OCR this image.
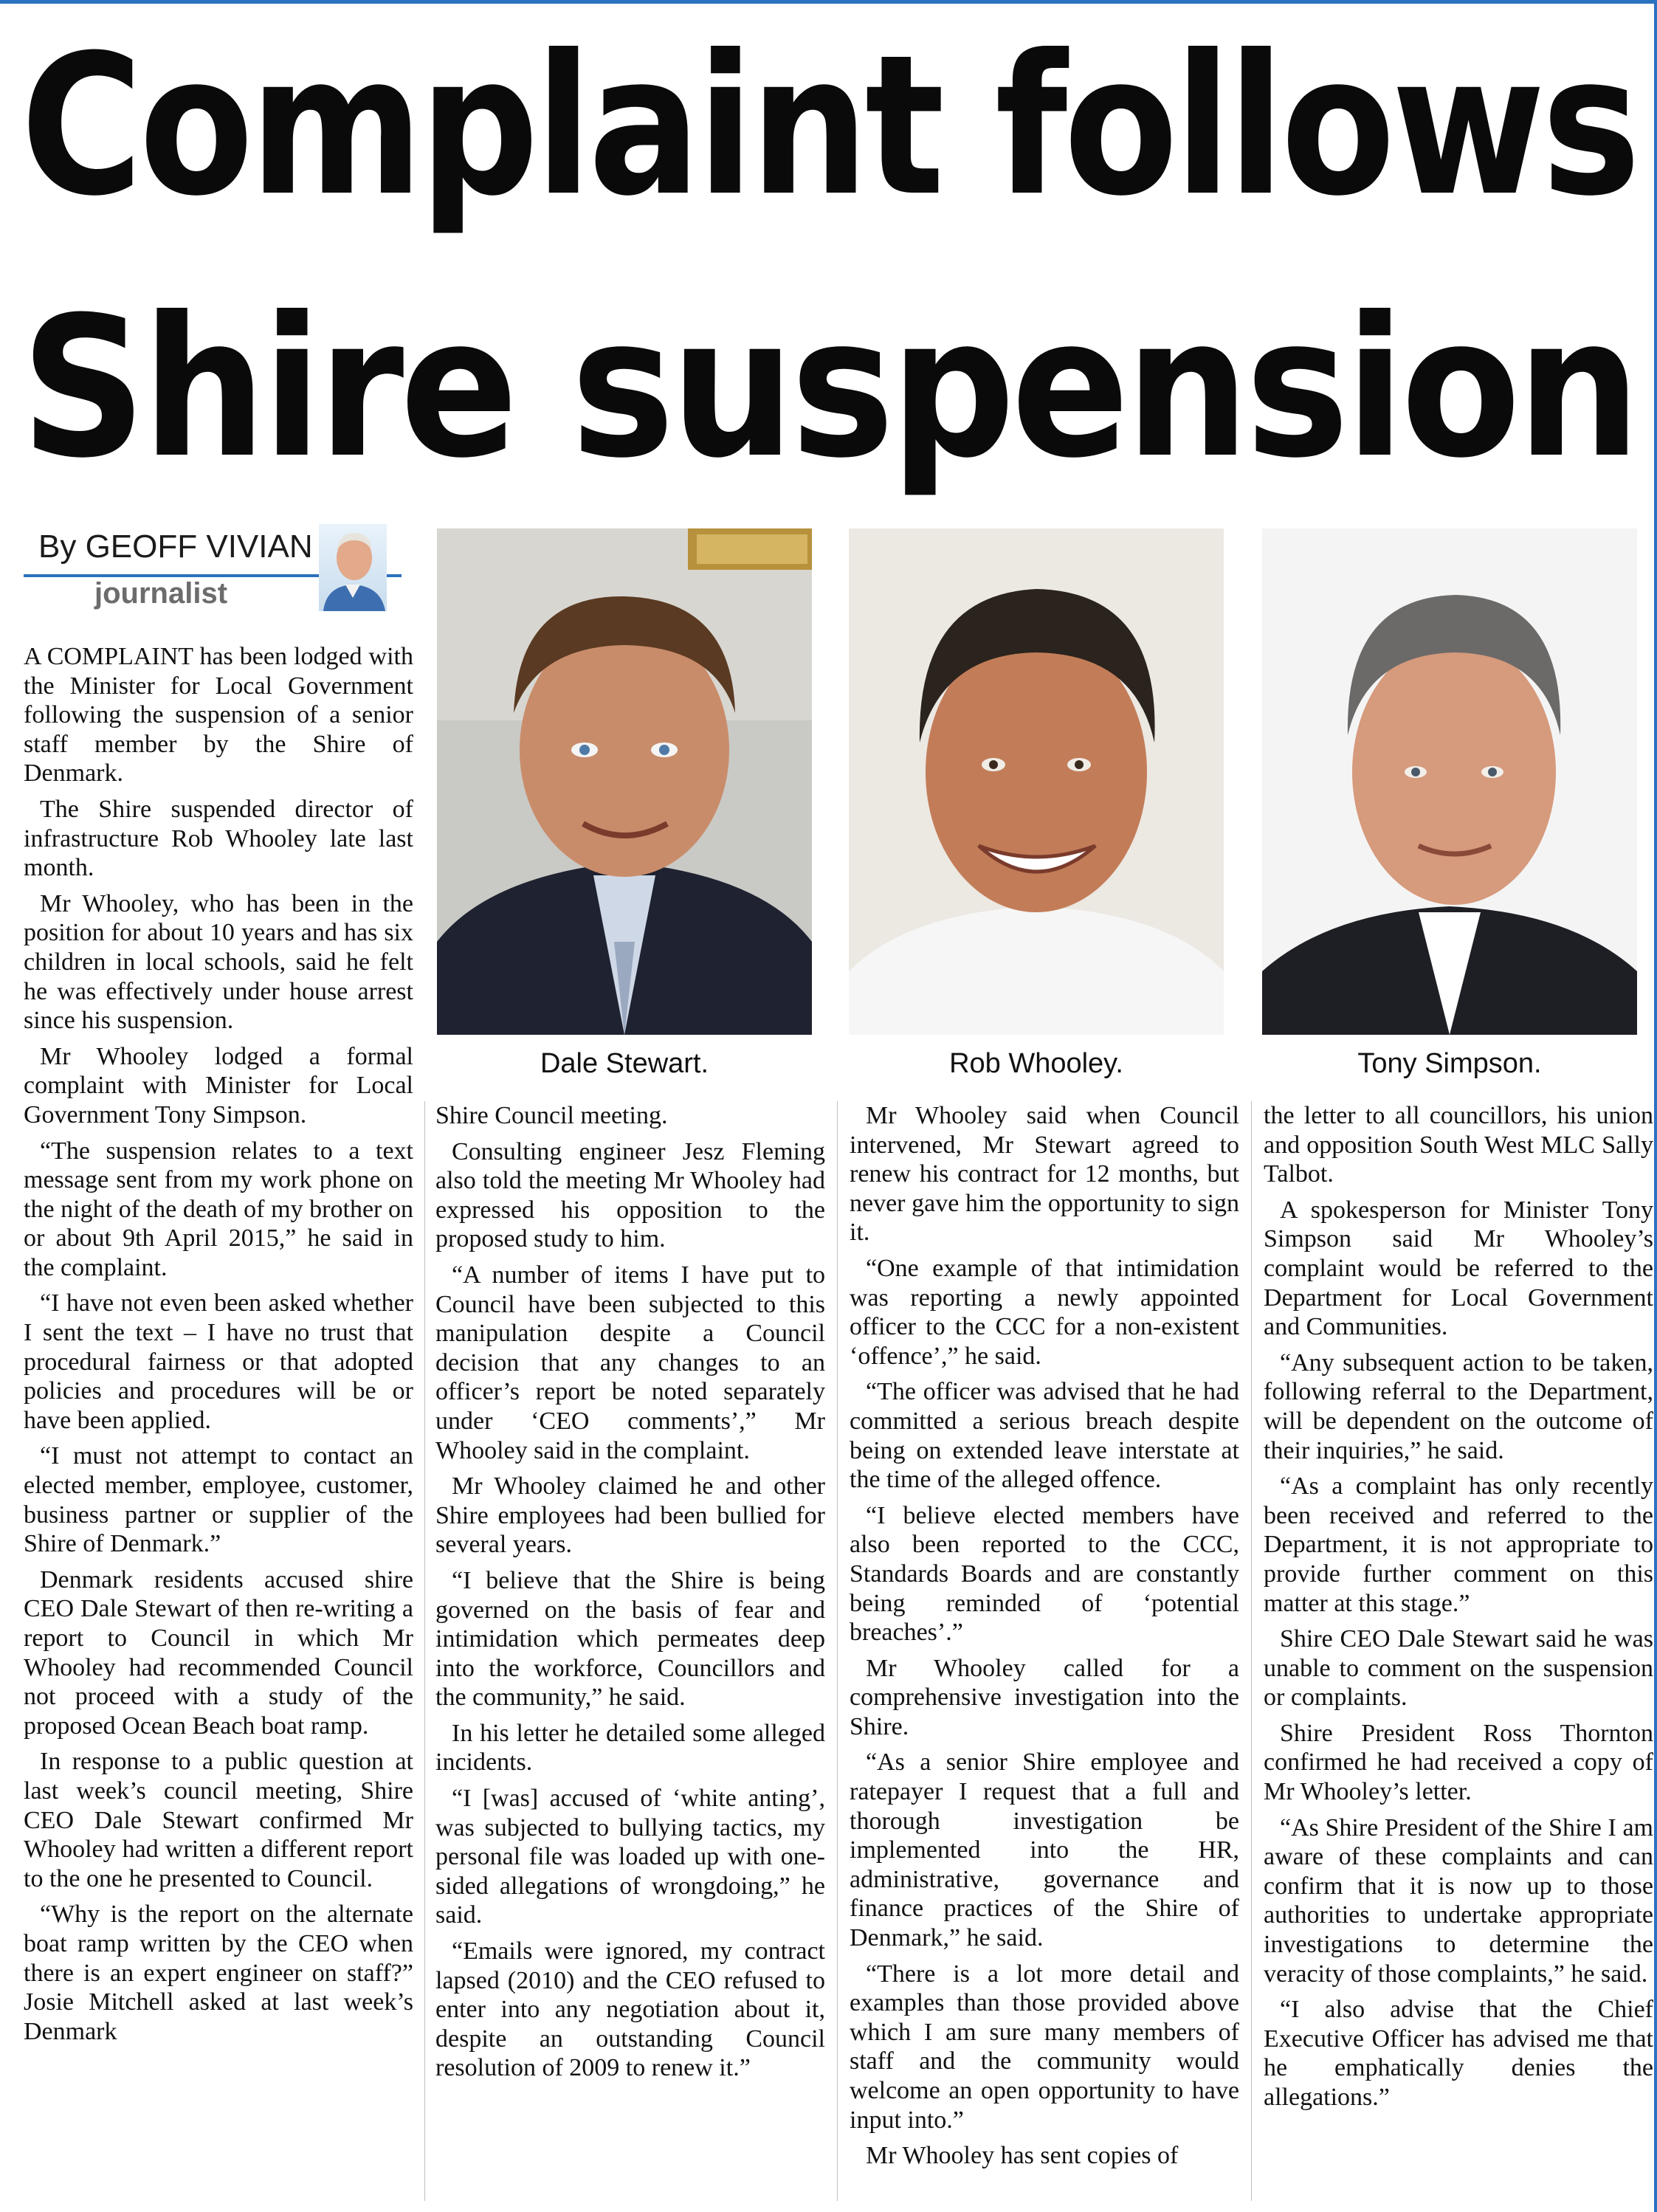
Complaint follows
Shire suspension
By GEOFF VIVIAN
journalist
Dale Stewart.	Rob Whooley.	Tony Simpson.

A COMPLAINT has been lodged with the Minister for Local Government following the suspension of a senior staff member by the Shire of Denmark.

The Shire suspended director of infrastructure Rob Whooley late last month.

Mr Whooley, who has been in the position for about 10 years and has six children in local schools, said he felt he was effectively under house arrest since his suspension.

Mr Whooley lodged a formal complaint with Minister for Local Government Tony Simpson.

“The suspension relates to a text message sent from my work phone on the night of the death of my brother on or about 9th April 2015,” he said in the complaint.

“I have not even been asked whether I sent the text – I have no trust that procedural fairness or that adopted policies and procedures will be or have been applied.

“I must not attempt to contact an elected member, employee, customer, business partner or supplier of the Shire of Denmark.”

Denmark residents accused shire CEO Dale Stewart of then re-writing a report to Council in which Mr Whooley had recommended Council not proceed with a study of the proposed Ocean Beach boat ramp.

In response to a public question at last week’s council meeting, Shire CEO Dale Stewart confirmed Mr Whooley had written a different report to the one he presented to Council.

“Why is the report on the alternate boat ramp written by the CEO when there is an expert engineer on staff?” Josie Mitchell asked at last week’s Denmark

Shire Council meeting.

Consulting engineer Jesz Fleming also told the meeting Mr Whooley had expressed his opposition to the proposed study to him.

“A number of items I have put to Council have been subjected to this manipulation despite a Council decision that any changes to an officer’s report be noted separately under ‘CEO comments’,” Mr Whooley said in the complaint.

Mr Whooley claimed he and other Shire employees had been bullied for several years.

“I believe that the Shire is being governed on the basis of fear and intimidation which permeates deep into the workforce, Councillors and the community,” he said.

In his letter he detailed some alleged incidents.

“I [was] accused of ‘white anting’, was subjected to bullying tactics, my personal file was loaded up with one-sided allegations of wrongdoing,” he said.

“Emails were ignored, my contract lapsed (2010) and the CEO refused to enter into any negotiation about it, despite an outstanding Council resolution of 2009 to renew it.”

Mr Whooley said when Council intervened, Mr Stewart agreed to renew his contract for 12 months, but never gave him the opportunity to sign it.

“One example of that intimidation was reporting a newly appointed officer to the CCC for a non-existent ‘offence’,” he said.

“The officer was advised that he had committed a serious breach despite being on extended leave interstate at the time of the alleged offence.

“I believe elected members have also been reported to the CCC, Standards Boards and are constantly being reminded of ‘potential breaches’.”

Mr Whooley called for a comprehensive investigation into the Shire.

“As a senior Shire employee and ratepayer I request that a full and thorough investigation be implemented into the HR, administrative, governance and finance practices of the Shire of Denmark,” he said.

“There is a lot more detail and examples than those provided above which I am sure many members of staff and the community would welcome an open opportunity to have input into.”

Mr Whooley has sent copies of

the letter to all councillors, his union and opposition South West MLC Sally Talbot.

A spokesperson for Minister Tony Simpson said Mr Whooley’s complaint would be referred to the Department for Local Government and Communities.

“Any subsequent action to be taken, following referral to the Department, will be dependent on the outcome of their inquiries,” he said.

“As a complaint has only recently been received and referred to the Department, it is not appropriate to provide further comment on this matter at this stage.”

Shire CEO Dale Stewart said he was unable to comment on the suspension or complaints.

Shire President Ross Thornton confirmed he had received a copy of Mr Whooley’s letter.

“As Shire President of the Shire I am aware of these complaints and can confirm that it is now up to those authorities to undertake appropriate investigations to determine the veracity of those complaints,” he said.

“I also advise that the Chief Executive Officer has advised me that he emphatically denies the allegations.”
